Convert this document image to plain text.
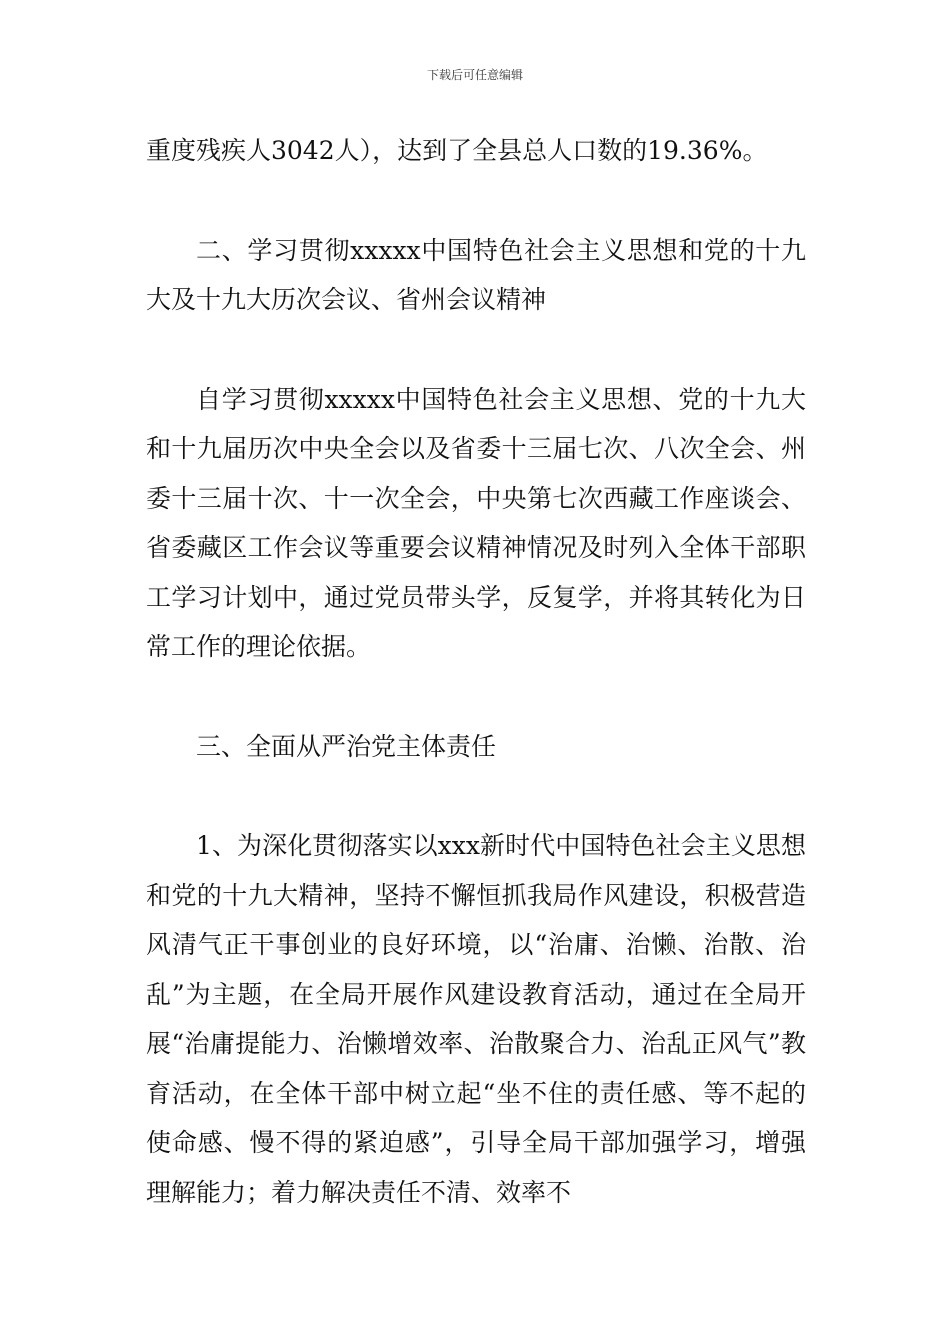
下载后可任意编辑

重度残疾人3042人），达到了全县总人口数的19.36%。

二、学习贯彻xxxxx中国特色社会主义思想和党的十九大及十九大历次会议、省州会议精神

自学习贯彻xxxxx中国特色社会主义思想、党的十九大和十九届历次中央全会以及省委十三届七次、八次全会、州委十三届十次、十一次全会，中央第七次西藏工作座谈会、省委藏区工作会议等重要会议精神情况及时列入全体干部职工学习计划中，通过党员带头学，反复学，并将其转化为日常工作的理论依据。

三、全面从严治党主体责任

1、为深化贯彻落实以xxx新时代中国特色社会主义思想和党的十九大精神，坚持不懈恒抓我局作风建设，积极营造风清气正干事创业的良好环境，以“治庸、治懒、治散、治乱”为主题，在全局开展作风建设教育活动，通过在全局开展“治庸提能力、治懒增效率、治散聚合力、治乱正风气”教育活动，在全体干部中树立起“坐不住的责任感、等不起的使命感、慢不得的紧迫感”，引导全局干部加强学习，增强理解能力；着力解决责任不清、效率不
